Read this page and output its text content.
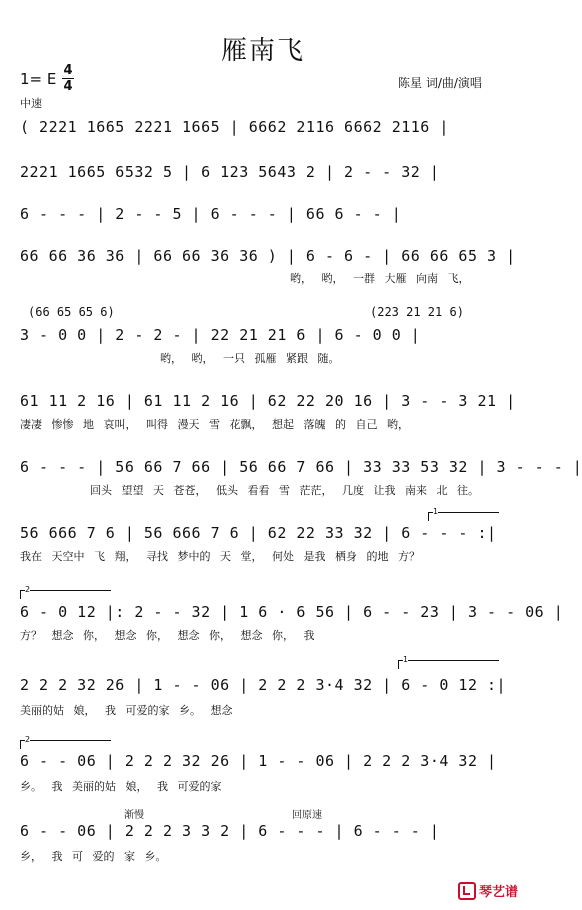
雁南飞
1= E 4
4	陈星 词/曲/演唱
中速
( 2221 1665 2221 1665 | 6662 2116 6662 2116 |
2221 1665 6532 5 | 6 123 5643 2 | 2 - - 32 |
6 - - - | 2 - - 5 | 6 - - - | 66 6 - - |
66 66 36 36 | 66 66 36 36 ) | 6 - 6 - | 66 66 65 3 |
哟， 哟， 一群 大雁 向南 飞，
(66 65 65 6)	(223 21 21 6)
3 - 0 0 | 2 - 2 - | 22 21 21 6 | 6 - 0 0 |
哟， 哟， 一只 孤雁 紧跟 随。
61 11 2 16 | 61 11 2 16 | 62 22 20 16 | 3 - - 3 21 |
凄凄 惨惨 地 哀叫， 叫得 漫天 雪 花飘， 想起 落魄 的 自己 哟，
6 - - - | 56 66 7 66 | 56 66 7 66 | 33 33 53 32 | 3 - - - |
回头 望望 天 苍苍， 低头 看看 雪 茫茫， 几度 让我 南来 北 往。
1
56 666 7 6 | 56 666 7 6 | 62 22 33 32 | 6 - - - :|
我在 天空中 飞 翔， 寻找 梦中的 天 堂， 何处 是我 栖身 的地 方？
2
6 - 0 12 |: 2 - - 32 | 1 6 · 6 56 | 6 - - 23 | 3 - - 06 |
方？ 想念 你， 想念 你， 想念 你， 想念 你， 我
1
2 2 2 32 26 | 1 - - 06 | 2 2 2 3·4 32 | 6 - 0 12 :|
美丽的姑 娘， 我 可爱的家 乡。 想念
2
6 - - 06 | 2 2 2 32 26 | 1 - - 06 | 2 2 2 3·4 32 |
乡。 我 美丽的姑 娘， 我 可爱的家
渐慢	回原速
6 - - 06 | 2 2 2 3 3 2 | 6 - - - | 6 - - - |
乡， 我 可 爱的 家 乡。
琴艺谱
